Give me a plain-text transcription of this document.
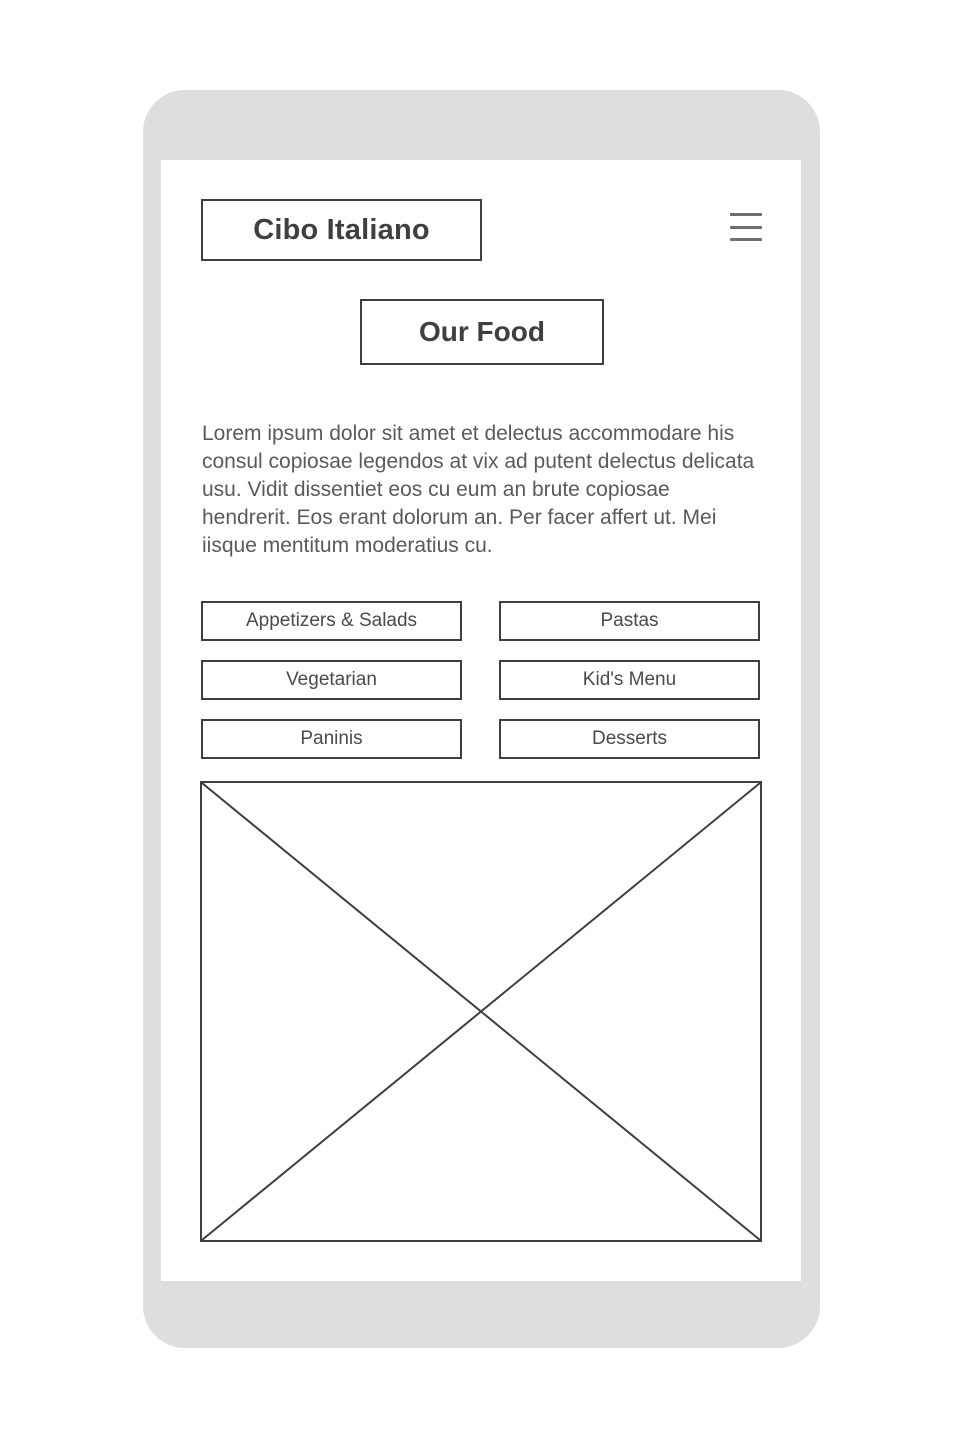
Cibo Italiano
Our Food

Lorem ipsum dolor sit amet et delectus accommodare his consul copiosae legendos at vix ad putent delectus delicata usu. Vidit dissentiet eos cu eum an brute copiosae hendrerit. Eos erant dolorum an. Per facer affert ut. Mei iisque mentitum moderatius cu.

Appetizers & Salads	Pastas
Vegetarian	Kid's Menu
Paninis	Desserts
